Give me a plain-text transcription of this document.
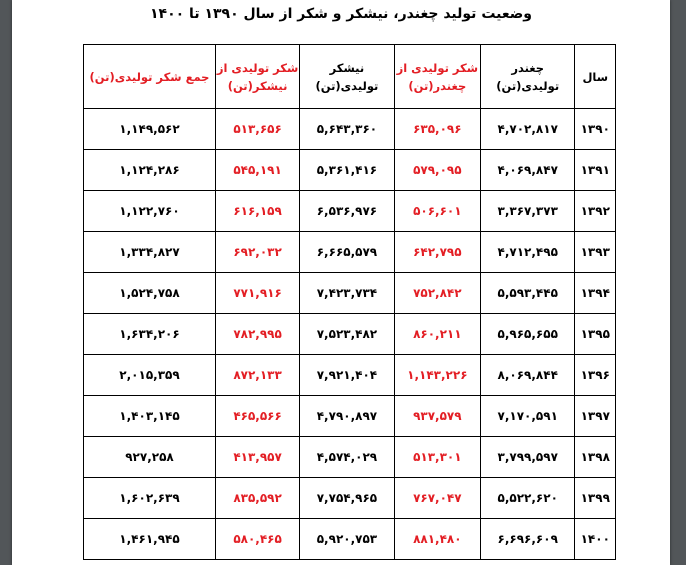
وضعیت تولید چغندر، نیشکر و شکر از سال ۱۳۹۰ تا ۱۴۰۰
سال	چغندر تولیدی(تن)	شکر تولیدی از چغندر(تن)	نیشکر تولیدی(تن)	شکر تولیدی از نیشکر(تن)	جمع شکر تولیدی(تن)
۱۳۹۰	۴,۷۰۲,۸۱۷	۶۳۵,۰۹۶	۵,۶۴۳,۳۶۰	۵۱۳,۶۵۶	۱,۱۴۹,۵۶۲
۱۳۹۱	۴,۰۶۹,۸۴۷	۵۷۹,۰۹۵	۵,۳۶۱,۴۱۶	۵۴۵,۱۹۱	۱,۱۲۴,۲۸۶
۱۳۹۲	۳,۳۶۷,۳۷۳	۵۰۶,۶۰۱	۶,۵۳۶,۹۷۶	۶۱۶,۱۵۹	۱,۱۲۲,۷۶۰
۱۳۹۳	۴,۷۱۲,۴۹۵	۶۴۲,۷۹۵	۶,۶۶۵,۵۷۹	۶۹۲,۰۳۲	۱,۳۳۴,۸۲۷
۱۳۹۴	۵,۵۹۳,۴۴۵	۷۵۲,۸۴۲	۷,۴۲۳,۷۳۴	۷۷۱,۹۱۶	۱,۵۲۴,۷۵۸
۱۳۹۵	۵,۹۶۵,۶۵۵	۸۶۰,۲۱۱	۷,۵۲۳,۴۸۲	۷۸۲,۹۹۵	۱,۶۳۴,۲۰۶
۱۳۹۶	۸,۰۶۹,۸۴۴	۱,۱۴۳,۲۲۶	۷,۹۲۱,۴۰۴	۸۷۲,۱۳۳	۲,۰۱۵,۳۵۹
۱۳۹۷	۷,۱۷۰,۵۹۱	۹۳۷,۵۷۹	۴,۷۹۰,۸۹۷	۴۶۵,۵۶۶	۱,۴۰۳,۱۴۵
۱۳۹۸	۳,۷۹۹,۵۹۷	۵۱۳,۳۰۱	۴,۵۷۴,۰۲۹	۴۱۳,۹۵۷	۹۲۷,۲۵۸
۱۳۹۹	۵,۵۲۲,۶۲۰	۷۶۷,۰۴۷	۷,۷۵۴,۹۶۵	۸۳۵,۵۹۲	۱,۶۰۲,۶۳۹
۱۴۰۰	۶,۶۹۶,۶۰۹	۸۸۱,۴۸۰	۵,۹۲۰,۷۵۳	۵۸۰,۴۶۵	۱,۴۶۱,۹۴۵
